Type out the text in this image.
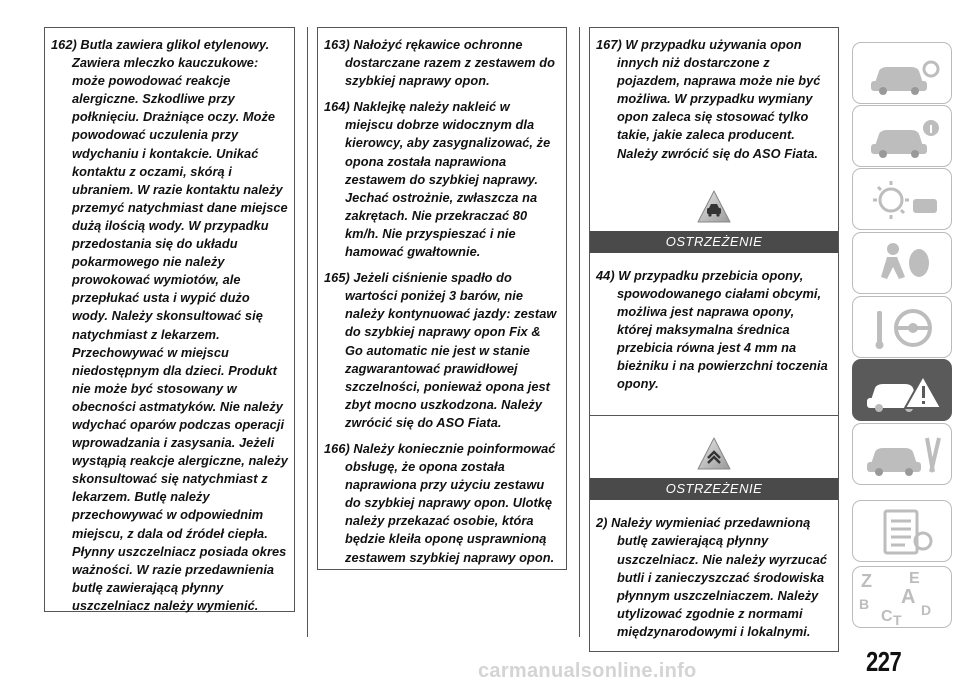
162) Butla zawiera glikol etylenowy. Zawiera mleczko kauczukowe: może powodować reakcje alergiczne. Szkodliwe przy połknięciu. Drażniące oczy. Może powodować uczulenia przy wdychaniu i kontakcie. Unikać kontaktu z oczami, skórą i ubraniem. W razie kontaktu należy przemyć natychmiast dane miejsce dużą ilością wody. W przypadku przedostania się do układu pokarmowego nie należy prowokować wymiotów, ale przepłukać usta i wypić dużo wody. Należy skonsultować się natychmiast z lekarzem. Przechowywać w miejscu niedostępnym dla dzieci. Produkt nie może być stosowany w obecności astmatyków. Nie należy wdychać oparów podczas operacji wprowadzania i zasysania. Jeżeli wystąpią reakcje alergiczne, należy skonsultować się natychmiast z lekarzem. Butlę należy przechowywać w odpowiednim miejscu, z dala od źródeł ciepła. Płynny uszczelniacz posiada okres ważności. W razie przedawnienia butlę zawierającą płynny uszczelniacz należy wymienić.

163) Nałożyć rękawice ochronne dostarczane razem z zestawem do szybkiej naprawy opon.

164) Naklejkę należy nakleić w miejscu dobrze widocznym dla kierowcy, aby zasygnalizować, że opona została naprawiona zestawem do szybkiej naprawy. Jechać ostrożnie, zwłaszcza na zakrętach. Nie przekraczać 80 km/h. Nie przyspieszać i nie hamować gwałtownie.

165) Jeżeli ciśnienie spadło do wartości poniżej 3 barów, nie należy kontynuować jazdy: zestaw do szybkiej naprawy opon Fix & Go automatic nie jest w stanie zagwarantować prawidłowej szczelności, ponieważ opona jest zbyt mocno uszkodzona. Należy zwrócić się do ASO Fiata.

166) Należy koniecznie poinformować obsługę, że opona została naprawiona przy użyciu zestawu do szybkiej naprawy opon. Ulotkę należy przekazać osobie, która będzie kleiła oponę usprawnioną zestawem szybkiej naprawy opon.

167) W przypadku używania opon innych niż dostarczone z pojazdem, naprawa może nie być możliwa. W przypadku wymiany opon zaleca się stosować tylko takie, jakie zaleca producent. Należy zwrócić się do ASO Fiata.

OSTRZEŻENIE

44) W przypadku przebicia opony, spowodowanego ciałami obcymi, możliwa jest naprawa opony, której maksymalna średnica przebicia równa jest 4 mm na bieżniku i na powierzchni toczenia opony.

OSTRZEŻENIE

2) Należy wymieniać przedawnioną butlę zawierającą płynny uszczelniacz. Nie należy wyrzucać butli i zanieczyszczać środowiska płynnym uszczelniaczem. Należy utylizować zgodnie z normami międzynarodowymi i lokalnymi.

Z E
B A
C T
D
227
carmanualsonline.info
